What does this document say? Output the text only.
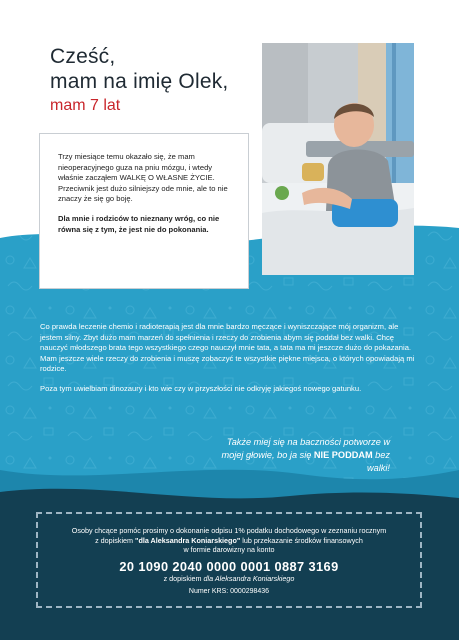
Cześć,
mam na imię Olek,
mam 7 lat

Trzy miesiące temu okazało się, że mam nieoperacyjnego guza na pniu mózgu, i wtedy właśnie zacząłem WALKĘ O WŁASNE ŻYCIE. Przeciwnik jest dużo silniejszy ode mnie, ale to nie znaczy że się go boję.

Dla mnie i rodziców to nieznany wróg, co nie równa się z tym, że jest nie do pokonania.

Co prawda leczenie chemio i radioterapią jest dla mnie bardzo męczące i wyniszczające mój organizm, ale jestem silny. Zbyt dużo mam marzeń do spełnienia i rzeczy do zrobienia abym się poddał bez walki. Chcę nauczyć młodszego brata tego wszystkiego czego nauczył mnie tata, a tata ma mi jeszcze dużo do pokazania.

Mam jeszcze wiele rzeczy do zrobienia i muszę zobaczyć te wszystkie piękne miejsca, o których opowiadają mi rodzice.

Poza tym uwielbiam dinozaury i kto wie czy w przyszłości nie odkryję jakiegoś nowego gatunku.

Także miej się na baczności potworze w mojej głowie, bo ja się NIE PODDAM bez walki!
Osoby chcące pomóc prosimy o dokonanie odpisu 1% podatku dochodowego w zeznaniu rocznym
z dopiskiem "dla Aleksandra Koniarskiego" lub przekazanie środków finansowych
w formie darowizny na konto
20 1090 2040 0000 0001 0887 3169
z dopiskiem dla Aleksandra Koniarskiego
Numer KRS: 0000298436
